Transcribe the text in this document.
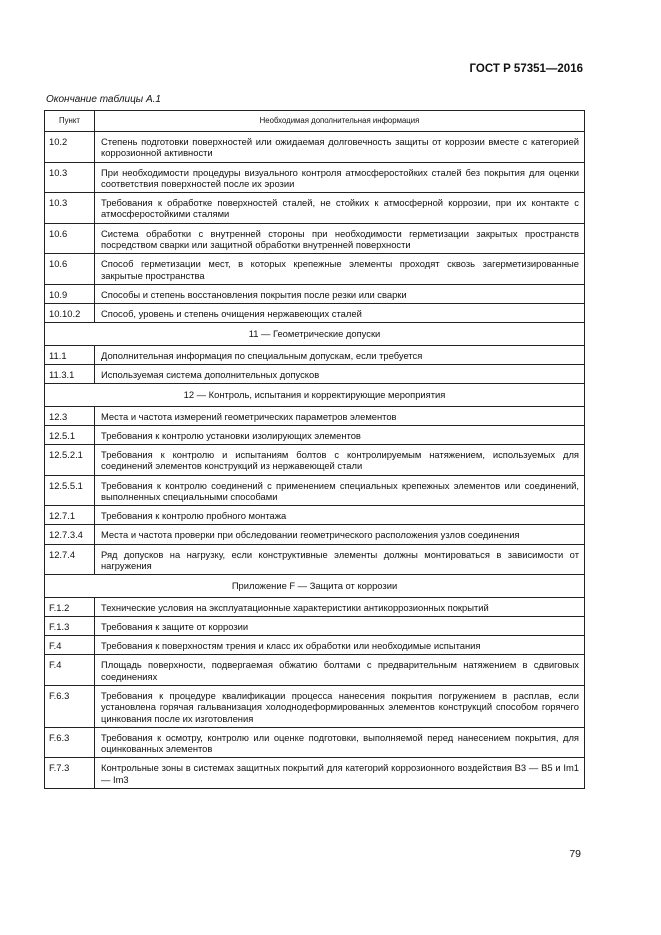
ГОСТ Р 57351—2016
Окончание таблицы А.1
Пункт	Необходимая дополнительная информация
10.2	Степень подготовки поверхностей или ожидаемая долговечность защиты от коррозии вместе с категорией коррозионной активности
10.3	При необходимости процедуры визуального контроля атмосферостойких сталей без покрытия для оценки соответствия поверхностей после их эрозии
10.3	Требования к обработке поверхностей сталей, не стойких к атмосферной коррозии, при их контакте с атмосферостойкими сталями
10.6	Система обработки с внутренней стороны при необходимости герметизации закрытых пространств посредством сварки или защитной обработки внутренней поверхности
10.6	Способ герметизации мест, в которых крепежные элементы проходят сквозь загерметизированные закрытые пространства
10.9	Способы и степень восстановления покрытия после резки или сварки
10.10.2	Способ, уровень и степень очищения нержавеющих сталей
11 — Геометрические допуски	
11.1	Дополнительная информация по специальным допускам, если требуется
11.3.1	Используемая система дополнительных допусков
12 — Контроль, испытания и корректирующие мероприятия	
12.3	Места и частота измерений геометрических параметров элементов
12.5.1	Требования к контролю установки изолирующих элементов
12.5.2.1	Требования к контролю и испытаниям болтов с контролируемым натяжением, используемых для соединений элементов конструкций из нержавеющей стали
12.5.5.1	Требования к контролю соединений с применением специальных крепежных элементов или соединений, выполненных специальными способами
12.7.1	Требования к контролю пробного монтажа
12.7.3.4	Места и частота проверки при обследовании геометрического расположения узлов соединения
12.7.4	Ряд допусков на нагрузку, если конструктивные элементы должны монтироваться в зависимости от нагружения
Приложение F — Защита от коррозии	
F.1.2	Технические условия на эксплуатационные характеристики антикоррозионных покрытий
F.1.3	Требования к защите от коррозии
F.4	Требования к поверхностям трения и класс их обработки или необходимые испытания
F.4	Площадь поверхности, подвергаемая обжатию болтами с предварительным натяжением в сдвиговых соединениях
F.6.3	Требования к процедуре квалификации процесса нанесения покрытия погружением в расплав, если установлена горячая гальванизация холоднодеформированных элементов конструкций способом горячего цинкования после их изготовления
F.6.3	Требования к осмотру, контролю или оценке подготовки, выполняемой перед нанесением покрытия, для оцинкованных элементов
F.7.3	Контрольные зоны в системах защитных покрытий для категорий коррозионного воздействия В3 — В5 и Im1 — Im3
79
